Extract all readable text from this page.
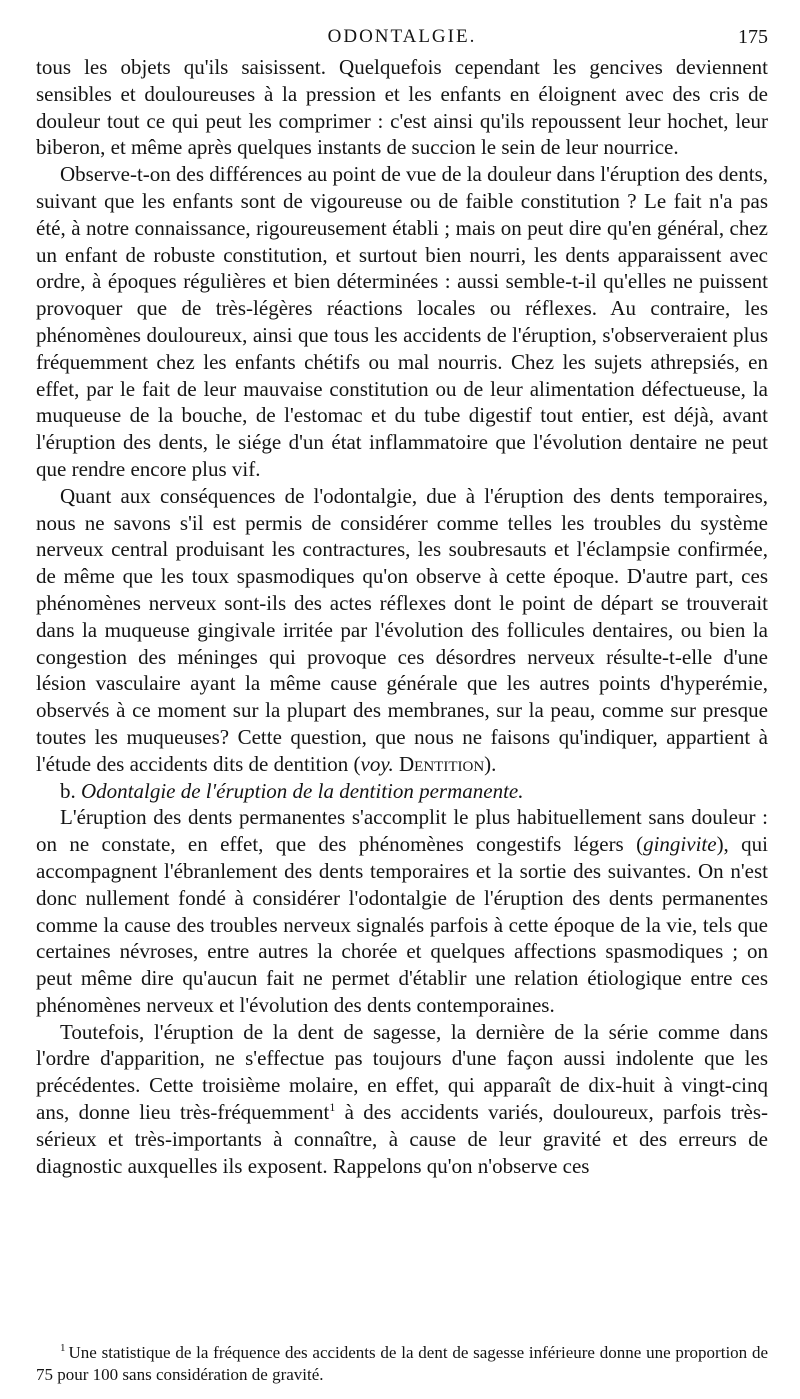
ODONTALGIE.	175

tous les objets qu'ils saisissent. Quelquefois cependant les gencives deviennent sensibles et douloureuses à la pression et les enfants en éloignent avec des cris de douleur tout ce qui peut les comprimer : c'est ainsi qu'ils repoussent leur hochet, leur biberon, et même après quelques instants de succion le sein de leur nourrice.

Observe-t-on des différences au point de vue de la douleur dans l'éruption des dents, suivant que les enfants sont de vigoureuse ou de faible constitution ? Le fait n'a pas été, à notre connaissance, rigoureusement établi ; mais on peut dire qu'en général, chez un enfant de robuste constitution, et surtout bien nourri, les dents apparaissent avec ordre, à époques régulières et bien déterminées : aussi semble-t-il qu'elles ne puissent provoquer que de très-légères réactions locales ou réflexes. Au contraire, les phénomènes douloureux, ainsi que tous les accidents de l'éruption, s'observeraient plus fréquemment chez les enfants chétifs ou mal nourris. Chez les sujets athrepsiés, en effet, par le fait de leur mauvaise constitution ou de leur alimentation défectueuse, la muqueuse de la bouche, de l'estomac et du tube digestif tout entier, est déjà, avant l'éruption des dents, le siége d'un état inflammatoire que l'évolution dentaire ne peut que rendre encore plus vif.

Quant aux conséquences de l'odontalgie, due à l'éruption des dents temporaires, nous ne savons s'il est permis de considérer comme telles les troubles du système nerveux central produisant les contractures, les soubresauts et l'éclampsie confirmée, de même que les toux spasmodiques qu'on observe à cette époque. D'autre part, ces phénomènes nerveux sont-ils des actes réflexes dont le point de départ se trouverait dans la muqueuse gingivale irritée par l'évolution des follicules dentaires, ou bien la congestion des méninges qui provoque ces désordres nerveux résulte-t-elle d'une lésion vasculaire ayant la même cause générale que les autres points d'hyperémie, observés à ce moment sur la plupart des membranes, sur la peau, comme sur presque toutes les muqueuses? Cette question, que nous ne faisons qu'indiquer, appartient à l'étude des accidents dits de dentition (voy. Dentition).

b. Odontalgie de l'éruption de la dentition permanente.

L'éruption des dents permanentes s'accomplit le plus habituellement sans douleur : on ne constate, en effet, que des phénomènes congestifs légers (gingivite), qui accompagnent l'ébranlement des dents temporaires et la sortie des suivantes. On n'est donc nullement fondé à considérer l'odontalgie de l'éruption des dents permanentes comme la cause des troubles nerveux signalés parfois à cette époque de la vie, tels que certaines névroses, entre autres la chorée et quelques affections spasmodiques ; on peut même dire qu'aucun fait ne permet d'établir une relation étiologique entre ces phénomènes nerveux et l'évolution des dents contemporaines.

Toutefois, l'éruption de la dent de sagesse, la dernière de la série comme dans l'ordre d'apparition, ne s'effectue pas toujours d'une façon aussi indolente que les précédentes. Cette troisième molaire, en effet, qui apparaît de dix-huit à vingt-cinq ans, donne lieu très-fréquemment$^1$ à des accidents variés, douloureux, parfois très-sérieux et très-importants à connaître, à cause de leur gravité et des erreurs de diagnostic auxquelles ils exposent. Rappelons qu'on n'observe ces

$^1$ Une statistique de la fréquence des accidents de la dent de sagesse inférieure donne une proportion de 75 pour 100 sans considération de gravité.
